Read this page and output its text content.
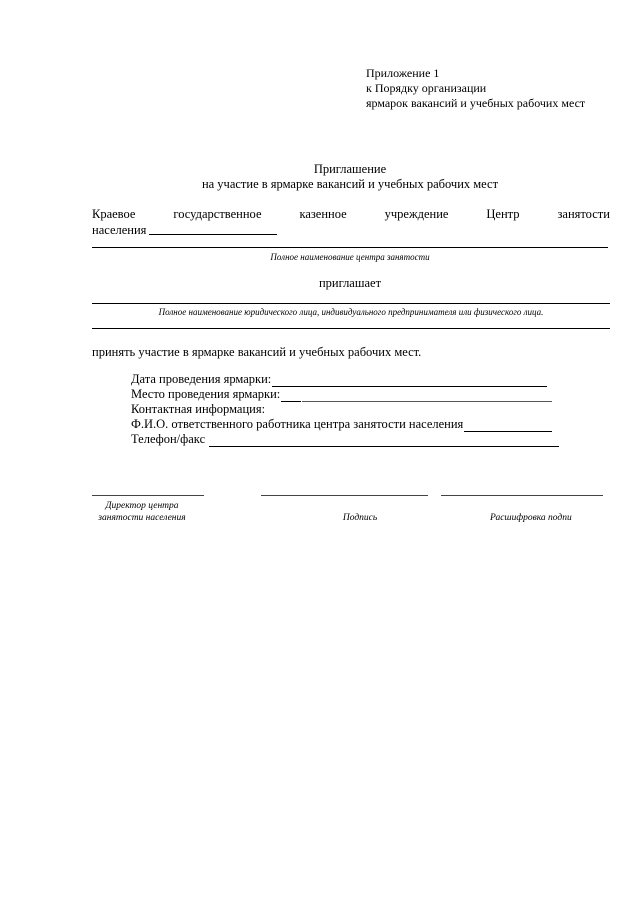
Приложение 1
к Порядку организации
ярмарок вакансий и учебных рабочих мест
Приглашение
на участие в ярмарке вакансий и учебных рабочих мест
Краевое	государственное	казенное	учреждение	Центр	занятости
населения
Полное наименование центра занятости
приглашает
Полное наименование юридического лица, индивидуального предпринимателя или физического лица.
принять участие в ярмарке вакансий и учебных рабочих мест.
Дата проведения ярмарки:
Место проведения ярмарки:
Контактная информация:
Ф.И.О. ответственного работника центра занятости населения
Телефон/факс
Директор центра
занятости населения	Подпись	Расшифровка подпи
